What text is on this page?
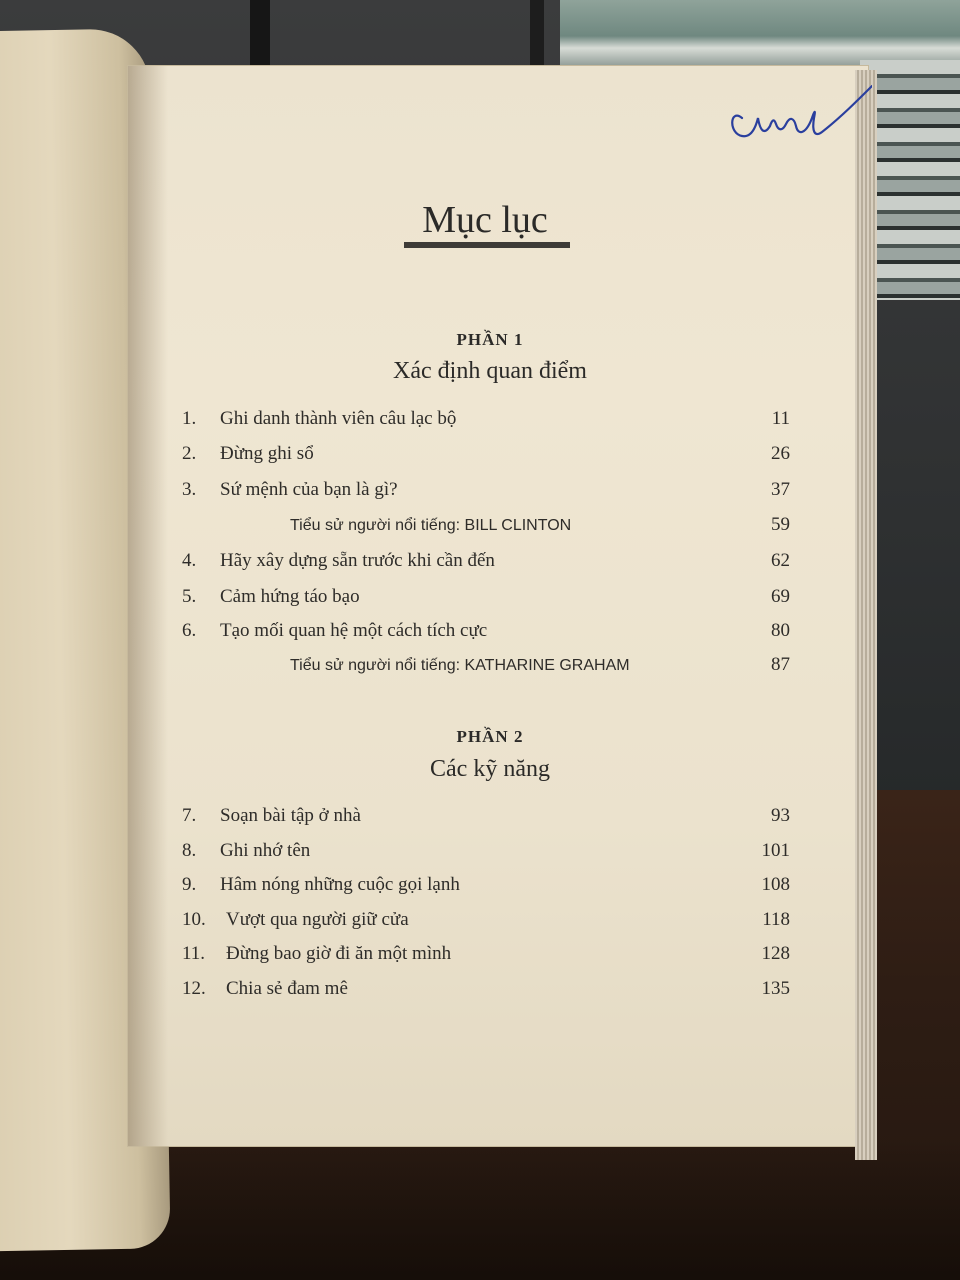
Mục lục
PHẦN 1
Xác định quan điểm
1. Ghi danh thành viên câu lạc bộ	11
2. Đừng ghi sổ	26
3. Sứ mệnh của bạn là gì?	37
Tiểu sử người nổi tiếng: BILL CLINTON	59
4. Hãy xây dựng sẵn trước khi cần đến	62
5. Cảm hứng táo bạo	69
6. Tạo mối quan hệ một cách tích cực	80
Tiểu sử người nổi tiếng: KATHARINE GRAHAM	87
PHẦN 2
Các kỹ năng
7. Soạn bài tập ở nhà	93
8. Ghi nhớ tên	101
9. Hâm nóng những cuộc gọi lạnh	108
10. Vượt qua người giữ cửa	118
11. Đừng bao giờ đi ăn một mình	128
12. Chia sẻ đam mê	135
